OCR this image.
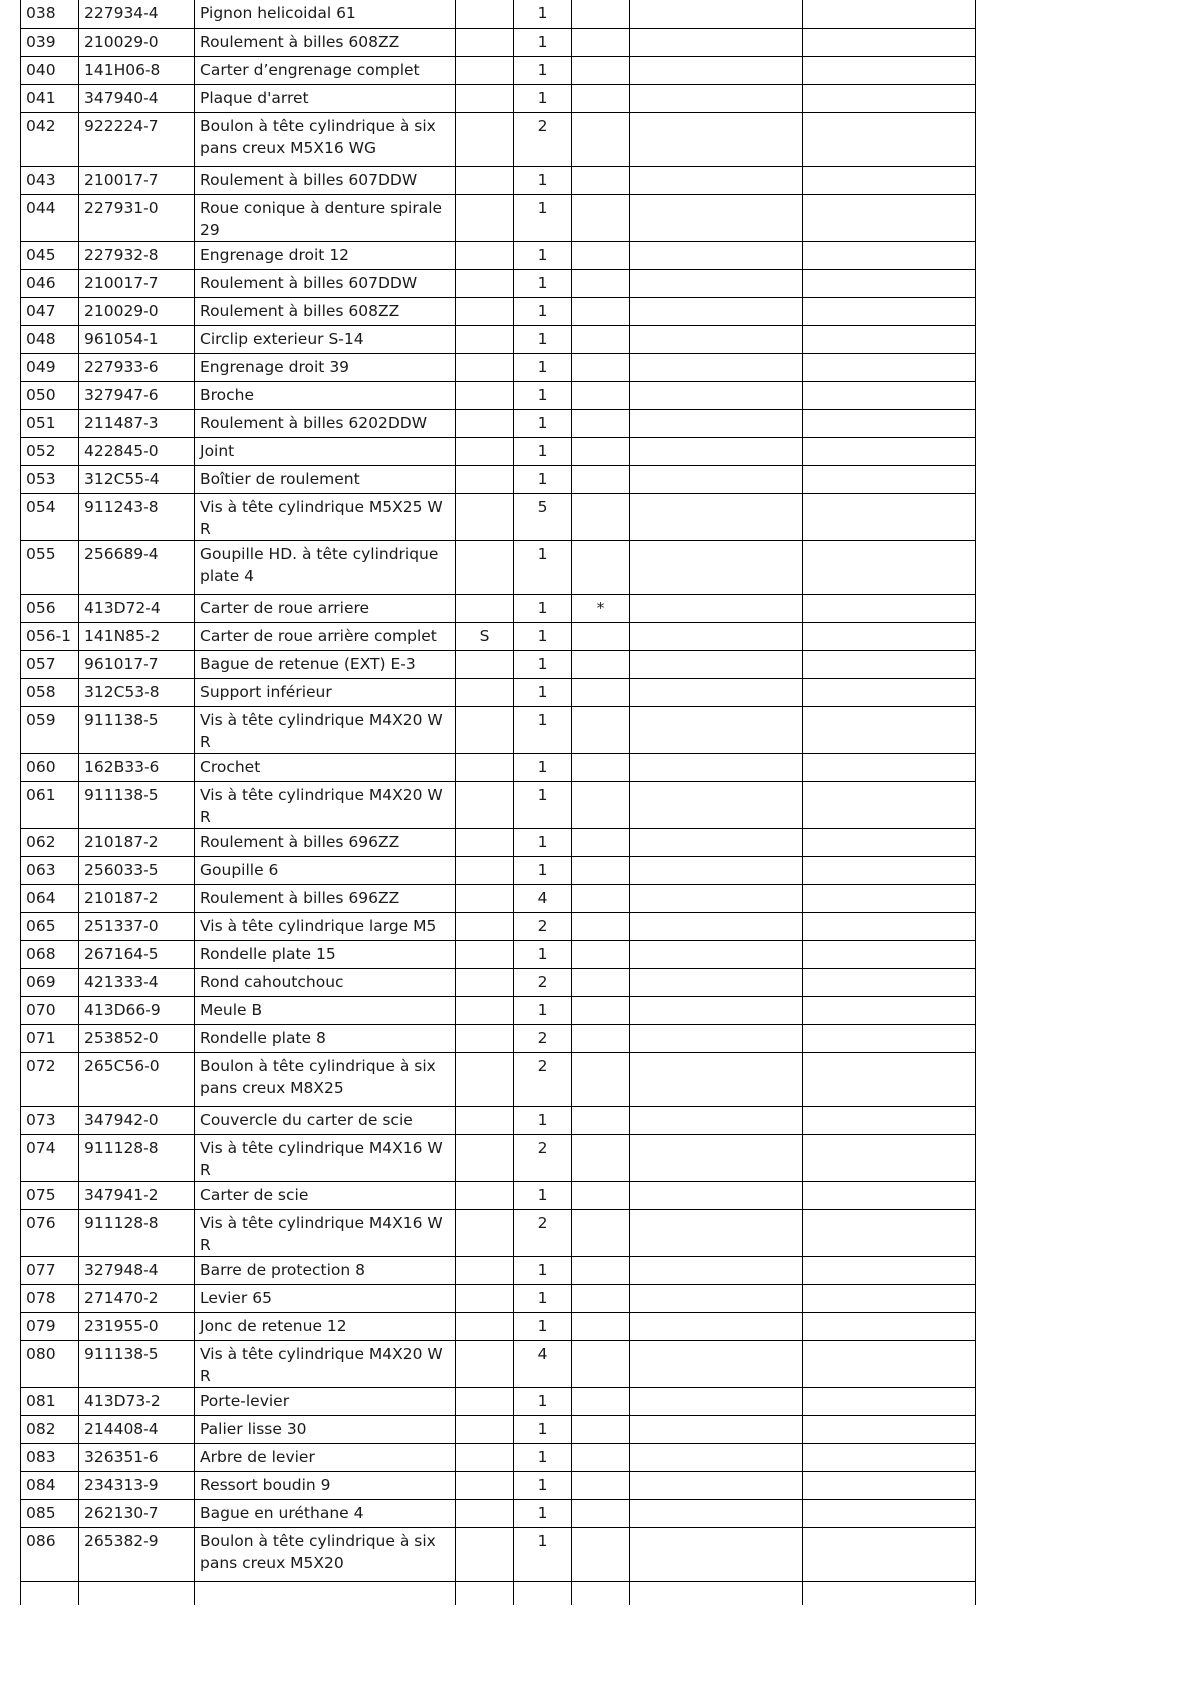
038	227934-4	Pignon helicoidal 61		1			
039	210029-0	Roulement à billes 608ZZ		1			
040	141H06-8	Carter d’engrenage complet		1			
041	347940-4	Plaque d'arret		1			
042	922224-7	Boulon à tête cylindrique à six pans creux M5X16 WG		2			
043	210017-7	Roulement à billes 607DDW		1			
044	227931-0	Roue conique à denture spirale 29		1			
045	227932-8	Engrenage droit 12		1			
046	210017-7	Roulement à billes 607DDW		1			
047	210029-0	Roulement à billes 608ZZ		1			
048	961054-1	Circlip exterieur S-14		1			
049	227933-6	Engrenage droit 39		1			
050	327947-6	Broche		1			
051	211487-3	Roulement à billes 6202DDW		1			
052	422845-0	Joint		1			
053	312C55-4	Boîtier de roulement		1			
054	911243-8	Vis à tête cylindrique M5X25 WR		5			
055	256689-4	Goupille HD. à tête cylindrique plate 4		1			
056	413D72-4	Carter de roue arriere		1	*		
056-1	141N85-2	Carter de roue arrière complet	S	1			
057	961017-7	Bague de retenue (EXT) E-3		1			
058	312C53-8	Support inférieur		1			
059	911138-5	Vis à tête cylindrique M4X20 WR		1			
060	162B33-6	Crochet		1			
061	911138-5	Vis à tête cylindrique M4X20 WR		1			
062	210187-2	Roulement à billes 696ZZ		1			
063	256033-5	Goupille 6		1			
064	210187-2	Roulement à billes 696ZZ		4			
065	251337-0	Vis à tête cylindrique large M5		2			
068	267164-5	Rondelle plate 15		1			
069	421333-4	Rond cahoutchouc		2			
070	413D66-9	Meule B		1			
071	253852-0	Rondelle plate 8		2			
072	265C56-0	Boulon à tête cylindrique à six pans creux M8X25		2			
073	347942-0	Couvercle du carter de scie		1			
074	911128-8	Vis à tête cylindrique M4X16 WR		2			
075	347941-2	Carter de scie		1			
076	911128-8	Vis à tête cylindrique M4X16 WR		2			
077	327948-4	Barre de protection 8		1			
078	271470-2	Levier 65		1			
079	231955-0	Jonc de retenue 12		1			
080	911138-5	Vis à tête cylindrique M4X20 WR		4			
081	413D73-2	Porte-levier		1			
082	214408-4	Palier lisse 30		1			
083	326351-6	Arbre de levier		1			
084	234313-9	Ressort boudin 9		1			
085	262130-7	Bague en uréthane 4		1			
086	265382-9	Boulon à tête cylindrique à six pans creux M5X20		1			
